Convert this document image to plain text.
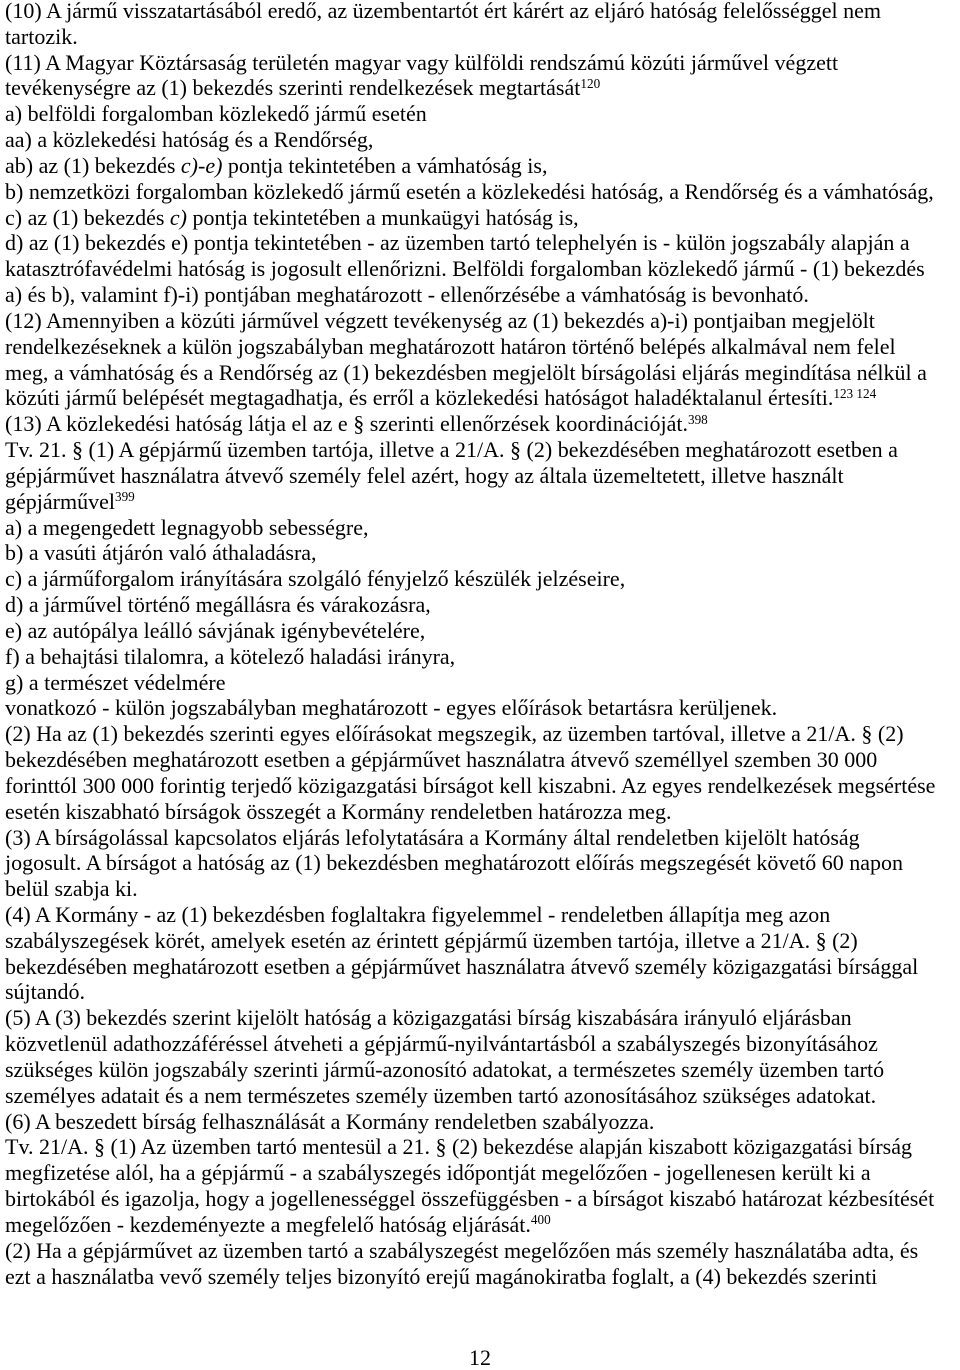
(10) A jármű visszatartásából eredő, az üzembentartót ért kárért az eljáró hatóság felelősséggel nem
tartozik.
(11) A Magyar Köztársaság területén magyar vagy külföldi rendszámú közúti járművel végzett
tevékenységre az (1) bekezdés szerinti rendelkezések megtartását$^{120}$
a) belföldi forgalomban közlekedő jármű esetén
aa) a közlekedési hatóság és a Rendőrség,
ab) az (1) bekezdés c)-e) pontja tekintetében a vámhatóság is,
b) nemzetközi forgalomban közlekedő jármű esetén a közlekedési hatóság, a Rendőrség és a vámhatóság,
c) az (1) bekezdés c) pontja tekintetében a munkaügyi hatóság is,
d) az (1) bekezdés e) pontja tekintetében - az üzemben tartó telephelyén is - külön jogszabály alapján a
katasztrófavédelmi hatóság is jogosult ellenőrizni. Belföldi forgalomban közlekedő jármű - (1) bekezdés
a) és b), valamint f)-i) pontjában meghatározott - ellenőrzésébe a vámhatóság is bevonható.
(12) Amennyiben a közúti járművel végzett tevékenység az (1) bekezdés a)-i) pontjaiban megjelölt
rendelkezéseknek a külön jogszabályban meghatározott határon történő belépés alkalmával nem felel
meg, a vámhatóság és a Rendőrség az (1) bekezdésben megjelölt bírságolási eljárás megindítása nélkül a
közúti jármű belépését megtagadhatja, és erről a közlekedési hatóságot haladéktalanul értesíti.$^{123 124}$
(13) A közlekedési hatóság látja el az e § szerinti ellenőrzések koordinációját.$^{398}$
Tv. 21. § (1) A gépjármű üzemben tartója, illetve a 21/A. § (2) bekezdésében meghatározott esetben a
gépjárművet használatra átvevő személy felel azért, hogy az általa üzemeltetett, illetve használt
gépjárművel$^{399}$
a) a megengedett legnagyobb sebességre,
b) a vasúti átjárón való áthaladásra,
c) a járműforgalom irányítására szolgáló fényjelző készülék jelzéseire,
d) a járművel történő megállásra és várakozásra,
e) az autópálya leálló sávjának igénybevételére,
f) a behajtási tilalomra, a kötelező haladási irányra,
g) a természet védelmére
vonatkozó - külön jogszabályban meghatározott - egyes előírások betartásra kerüljenek.
(2) Ha az (1) bekezdés szerinti egyes előírásokat megszegik, az üzemben tartóval, illetve a 21/A. § (2)
bekezdésében meghatározott esetben a gépjárművet használatra átvevő személlyel szemben 30 000
forinttól 300 000 forintig terjedő közigazgatási bírságot kell kiszabni. Az egyes rendelkezések megsértése
esetén kiszabható bírságok összegét a Kormány rendeletben határozza meg.
(3) A bírságolással kapcsolatos eljárás lefolytatására a Kormány által rendeletben kijelölt hatóság
jogosult. A bírságot a hatóság az (1) bekezdésben meghatározott előírás megszegését követő 60 napon
belül szabja ki.
(4) A Kormány - az (1) bekezdésben foglaltakra figyelemmel - rendeletben állapítja meg azon
szabályszegések körét, amelyek esetén az érintett gépjármű üzemben tartója, illetve a 21/A. § (2)
bekezdésében meghatározott esetben a gépjárművet használatra átvevő személy közigazgatási bírsággal
sújtandó.
(5) A (3) bekezdés szerint kijelölt hatóság a közigazgatási bírság kiszabására irányuló eljárásban
közvetlenül adathozzáféréssel átveheti a gépjármű-nyilvántartásból a szabályszegés bizonyításához
szükséges külön jogszabály szerinti jármű-azonosító adatokat, a természetes személy üzemben tartó
személyes adatait és a nem természetes személy üzemben tartó azonosításához szükséges adatokat.
(6) A beszedett bírság felhasználását a Kormány rendeletben szabályozza.
Tv. 21/A. § (1) Az üzemben tartó mentesül a 21. § (2) bekezdése alapján kiszabott közigazgatási bírság
megfizetése alól, ha a gépjármű - a szabályszegés időpontját megelőzően - jogellenesen került ki a
birtokából és igazolja, hogy a jogellenességgel összefüggésben - a bírságot kiszabó határozat kézbesítését
megelőzően - kezdeményezte a megfelelő hatóság eljárását.$^{400}$
(2) Ha a gépjárművet az üzemben tartó a szabályszegést megelőzően más személy használatába adta, és
ezt a használatba vevő személy teljes bizonyító erejű magánokiratba foglalt, a (4) bekezdés szerinti
12
